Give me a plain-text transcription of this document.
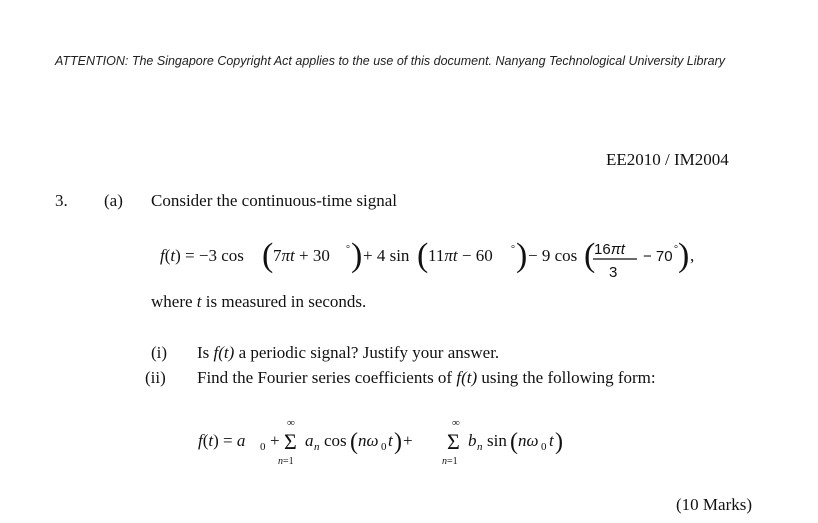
ATTENTION: The Singapore Copyright Act applies to the use of this document. Nanyang Technological University Library
EE2010 / IM2004
3. (a) Consider the continuous-time signal
f(t) = −3 cos ( 7πt + 30 ° ) + 4 sin ( 11πt − 60 ° ) − 9 cos (
16πt
3
− 70 ° ) ,
where t is measured in seconds.
(i) Is f(t) a periodic signal? Justify your answer.
(ii) Find the Fourier series coefficients of f(t) using the following form:
f(t) = a 0 +
∞
Σ
n=1
a n cos ( nω 0 t ) +
∞
Σ
n=1
b n sin ( nω 0 t )
(10 Marks)
